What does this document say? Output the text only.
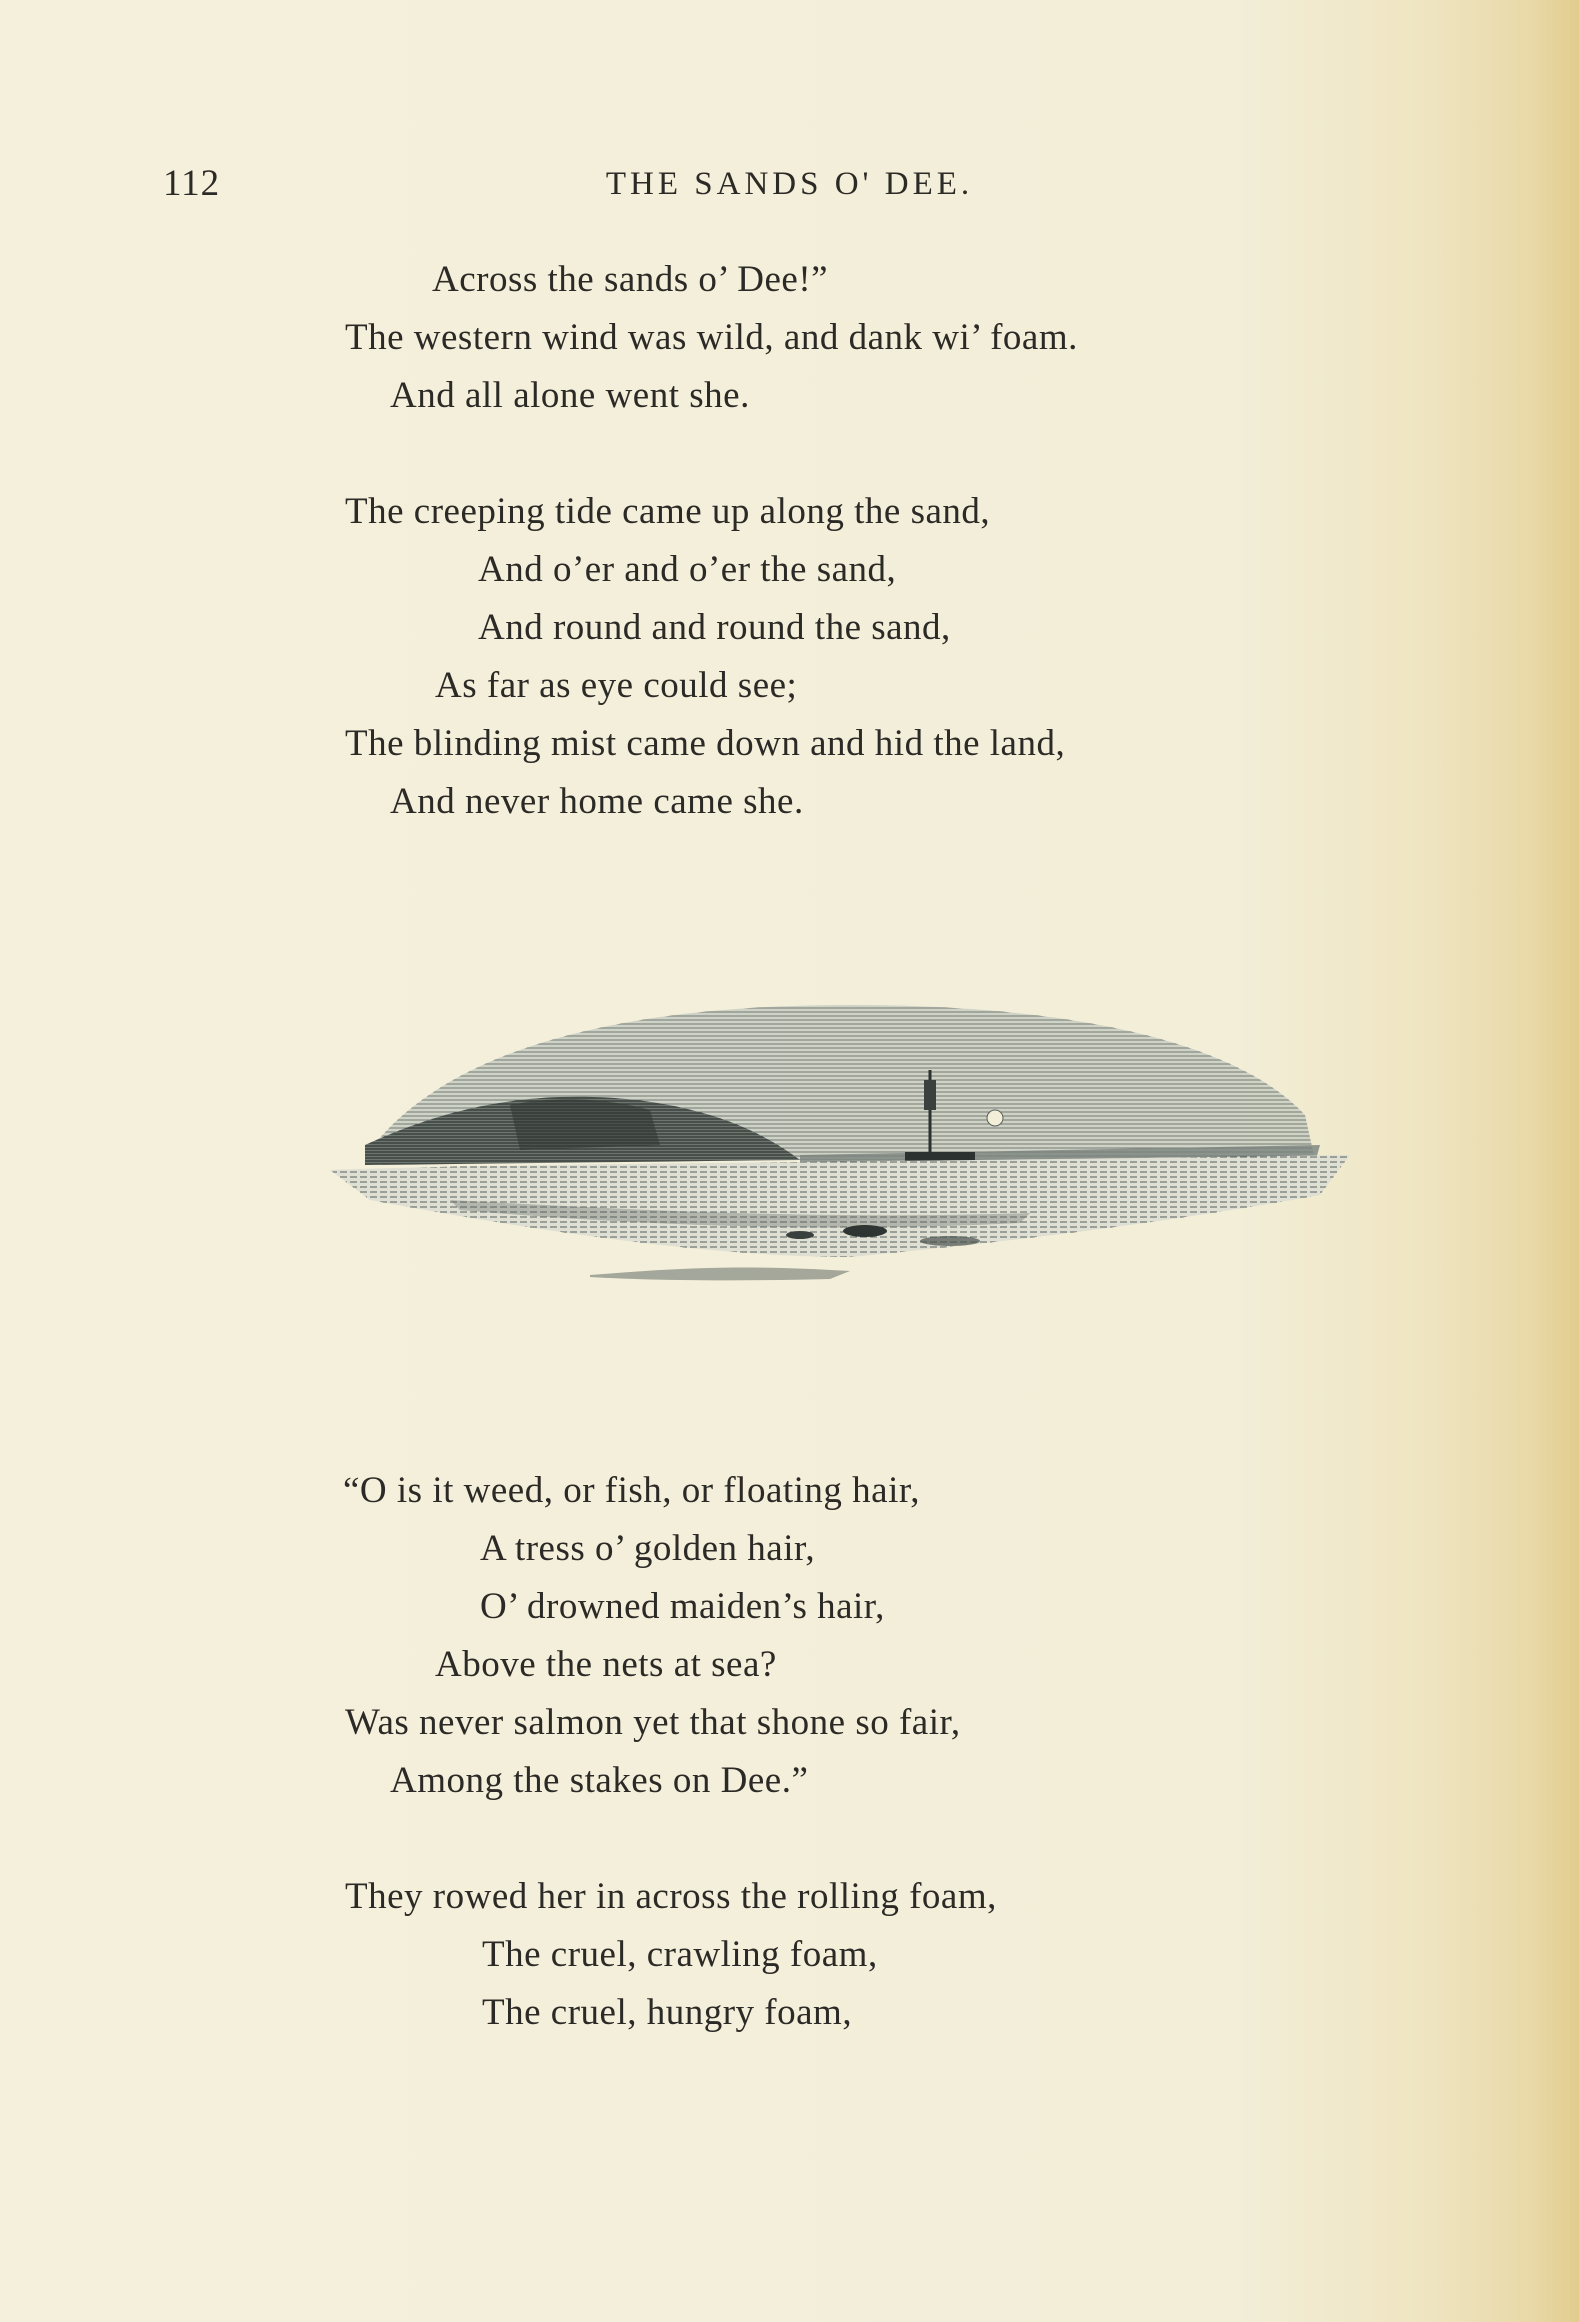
112	THE SANDS O' DEE.
Across the sands o’ Dee!”
The western wind was wild, and dank wi’ foam.
And all alone went she.
The creeping tide came up along the sand,
And o’er and o’er the sand,
And round and round the sand,
As far as eye could see;
The blinding mist came down and hid the land,
And never home came she.
“O is it weed, or fish, or floating hair,
A tress o’ golden hair,
O’ drowned maiden’s hair,
Above the nets at sea?
Was never salmon yet that shone so fair,
Among the stakes on Dee.”
They rowed her in across the rolling foam,
The cruel, crawling foam,
The cruel, hungry foam,
